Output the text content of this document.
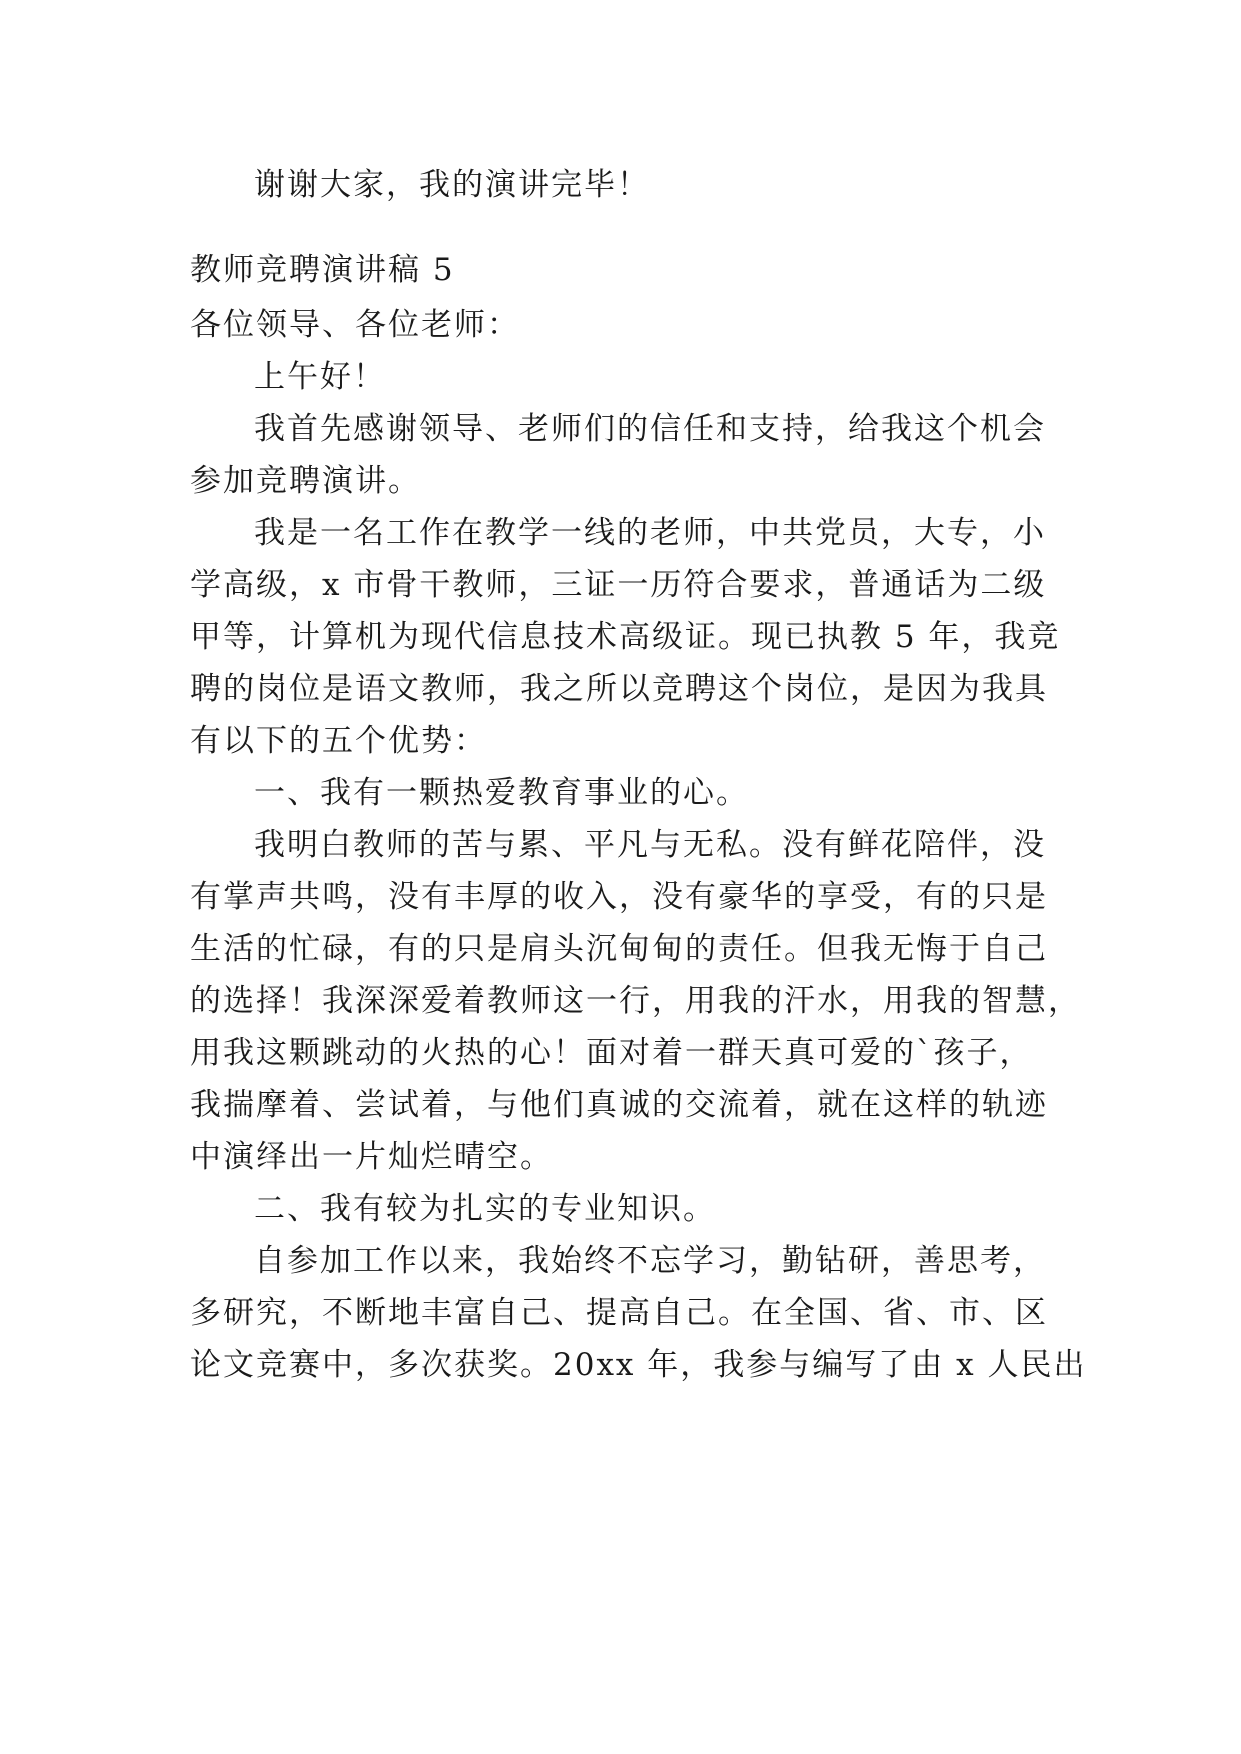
谢谢大家，我的演讲完毕！
教师竞聘演讲稿 5
各位领导、各位老师：
上午好！
我首先感谢领导、老师们的信任和支持，给我这个机会
参加竞聘演讲。
我是一名工作在教学一线的老师，中共党员，大专，小
学高级，x 市骨干教师，三证一历符合要求，普通话为二级
甲等，计算机为现代信息技术高级证。现已执教 5 年，我竞
聘的岗位是语文教师，我之所以竞聘这个岗位，是因为我具
有以下的五个优势：
一、我有一颗热爱教育事业的心。
我明白教师的苦与累、平凡与无私。没有鲜花陪伴，没
有掌声共鸣，没有丰厚的收入，没有豪华的享受，有的只是
生活的忙碌，有的只是肩头沉甸甸的责任。但我无悔于自己
的选择！我深深爱着教师这一行，用我的汗水，用我的智慧，
用我这颗跳动的火热的心！面对着一群天真可爱的`孩子，
我揣摩着、尝试着，与他们真诚的交流着，就在这样的轨迹
中演绎出一片灿烂晴空。
二、我有较为扎实的专业知识。
自参加工作以来，我始终不忘学习，勤钻研，善思考，
多研究，不断地丰富自己、提高自己。在全国、省、市、区
论文竞赛中，多次获奖。20xx 年，我参与编写了由 x 人民出
